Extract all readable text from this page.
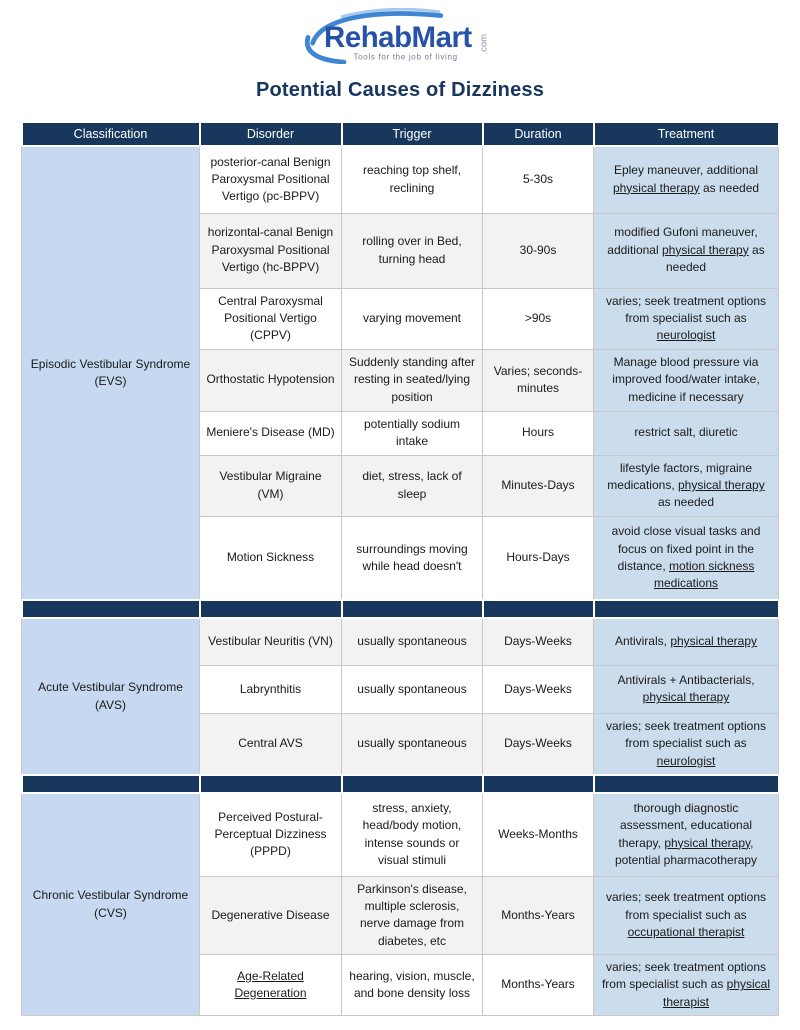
RehabMart .com
Tools for the job of living
Potential Causes of Dizziness
Classification	Disorder	Trigger	Duration	Treatment
Episodic Vestibular Syndrome (EVS)	posterior-canal Benign Paroxysmal Positional Vertigo (pc-BPPV)	reaching top shelf, reclining	5-30s	Epley maneuver, additional physical therapy as needed
	horizontal-canal Benign Paroxysmal Positional Vertigo (hc-BPPV)	rolling over in Bed, turning head	30-90s	modified Gufoni maneuver, additional physical therapy as needed
	Central Paroxysmal Positional Vertigo (CPPV)	varying movement	>90s	varies; seek treatment options from specialist such as neurologist
	Orthostatic Hypotension	Suddenly standing after resting in seated/lying position	Varies; seconds-minutes	Manage blood pressure via improved food/water intake, medicine if necessary
	Meniere's Disease (MD)	potentially sodium intake	Hours	restrict salt, diuretic
	Vestibular Migraine (VM)	diet, stress, lack of sleep	Minutes-Days	lifestyle factors, migraine medications, physical therapy as needed
	Motion Sickness	surroundings moving while head doesn't	Hours-Days	avoid close visual tasks and focus on fixed point in the distance, motion sickness medications

Acute Vestibular Syndrome (AVS)	Vestibular Neuritis (VN)	usually spontaneous	Days-Weeks	Antivirals, physical therapy
	Labrynthitis	usually spontaneous	Days-Weeks	Antivirals + Antibacterials, physical therapy
	Central AVS	usually spontaneous	Days-Weeks	varies; seek treatment options from specialist such as neurologist

Chronic Vestibular Syndrome (CVS)	Perceived Postural-Perceptual Dizziness (PPPD)	stress, anxiety, head/body motion, intense sounds or visual stimuli	Weeks-Months	thorough diagnostic assessment, educational therapy, physical therapy, potential pharmacotherapy
	Degenerative Disease	Parkinson's disease, multiple sclerosis, nerve damage from diabetes, etc	Months-Years	varies; seek treatment options from specialist such as occupational therapist
	Age-Related Degeneration	hearing, vision, muscle, and bone density loss	Months-Years	varies; seek treatment options from specialist such as physical therapist
